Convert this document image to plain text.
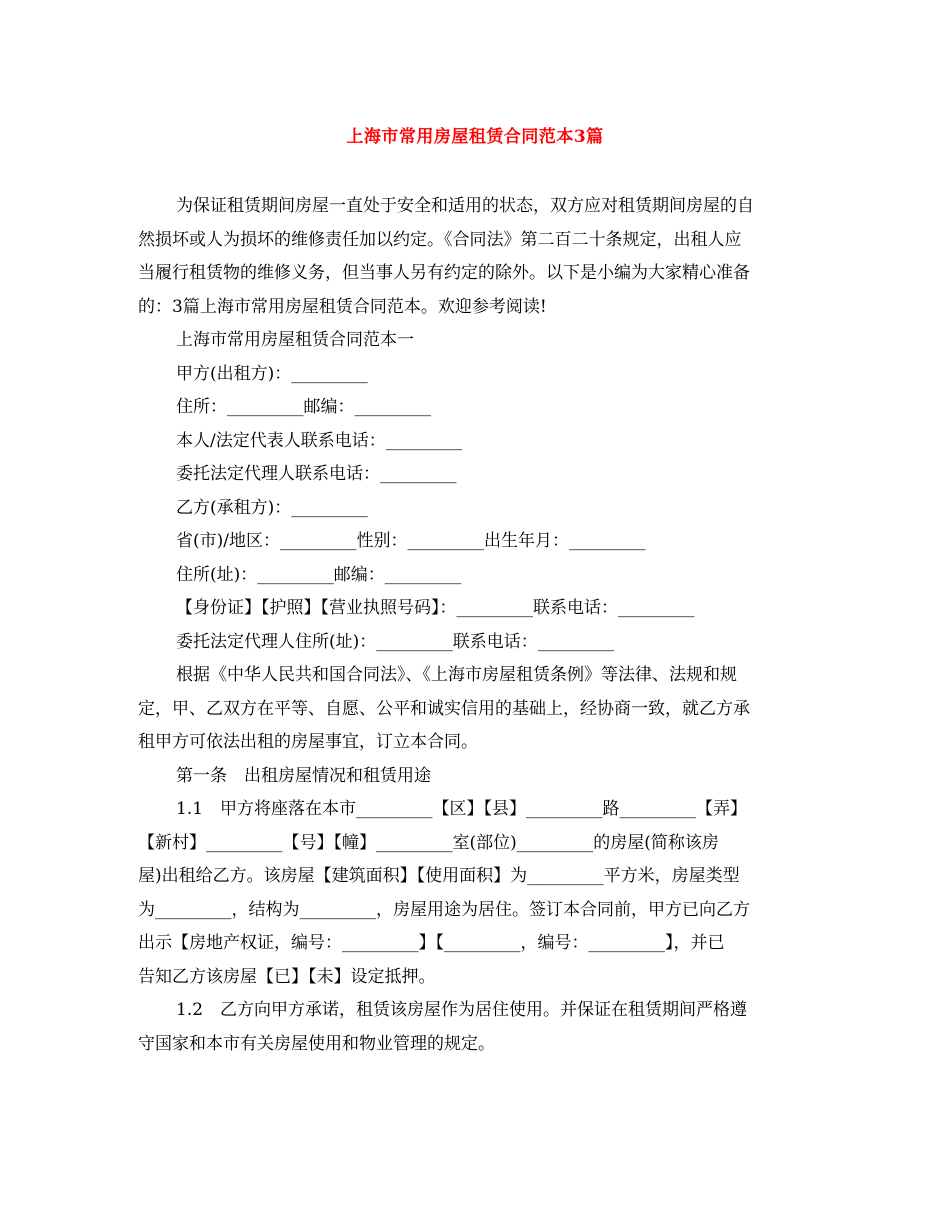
上海市常用房屋租赁合同范本3篇
为保证租赁期间房屋一直处于安全和适用的状态，双方应对租赁期间房屋的自
然损坏或人为损坏的维修责任加以约定。《合同法》第二百二十条规定，出租人应
当履行租赁物的维修义务，但当事人另有约定的除外。以下是小编为大家精心准备
的：3篇上海市常用房屋租赁合同范本。欢迎参考阅读!
上海市常用房屋租赁合同范本一
甲方(出租方)：_________
住所：_________邮编：_________
本人/法定代表人联系电话：_________
委托法定代理人联系电话：_________
乙方(承租方)：_________
省(市)/地区：_________性别：_________出生年月：_________
住所(址)：_________邮编：_________
【身份证】【护照】【营业执照号码】：_________联系电话：_________
委托法定代理人住所(址)：_________联系电话：_________
根据《中华人民共和国合同法》、《上海市房屋租赁条例》等法律、法规和规
定，甲、乙双方在平等、自愿、公平和诚实信用的基础上，经协商一致，就乙方承
租甲方可依法出租的房屋事宜，订立本合同。
第一条　出租房屋情况和租赁用途
1.1　甲方将座落在本市_________【区】【县】_________路_________【弄】
【新村】_________【号】【幢】_________室(部位)_________的房屋(简称该房
屋)出租给乙方。该房屋【建筑面积】【使用面积】为_________平方米，房屋类型
为_________，结构为_________，房屋用途为居住。签订本合同前，甲方已向乙方
出示【房地产权证，编号：_________】【_________，编号：_________】，并已
告知乙方该房屋【已】【未】设定抵押。
1.2　乙方向甲方承诺，租赁该房屋作为居住使用。并保证在租赁期间严格遵
守国家和本市有关房屋使用和物业管理的规定。
